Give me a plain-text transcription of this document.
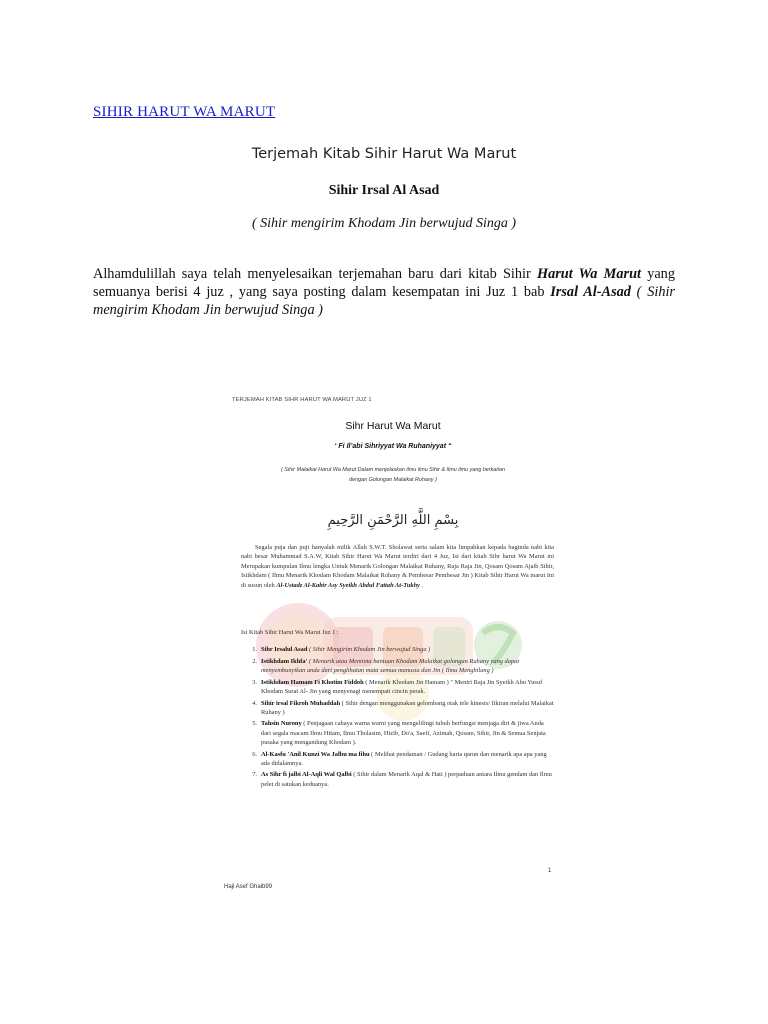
SIHIR HARUT WA MARUT
Terjemah Kitab Sihir Harut Wa Marut
Sihir Irsal Al Asad
( Sihir mengirim Khodam Jin berwujud Singa )

Alhamdulillah saya telah menyelesaikan terjemahan baru dari kitab Sihir Harut Wa Marut yang semuanya berisi 4 juz , yang saya posting dalam kesempatan ini Juz 1 bab Irsal Al-Asad ( Sihir mengirim Khodam Jin berwujud Singa )

TERJEMAH KITAB SIHR HARUT WA MARUT JUZ 1
Sihr Harut Wa Marut
‘ Fi Il’abi Sihriyyat Wa Ruhaniyyat “
( Sihir Malaikat Harut Wa Marut Dalam menjelaskan ilmu ilmu Sihir & Ilmu ilmu yang berkaitan
dengan Golongan Malaikat Ruhany )
بِسْمِ اللَّهِ الرَّحْمَنِ الرَّحِيمِ
Segala puja dan puji hanyalah milik Allah S.W.T. Sholawat serta salam kita limpahkan kepada baginda nabi kita nabi besar Muhammad S.A.W, Kitab Sihir Harut Wa Marut terdiri dari 4 Juz, Isi dari kitab Sihr harut Wa Marut ini Merupakan kumpulan Ilmu lengka Untuk Menarik Golongan Malaikat Ruhany, Raja Raja Jin, Qosam Qosam Ajaib Sihir, Istikhdam ( Ilmu Menarik Khodam Khodam Malaikat Ruhany & Pembesar Pembesar Jin ) Kitab Sihir Harut Wa marut Ini di susun oleh Al-Ustadz Al-Kabir Asy Syeikh Abdul Fattah At-Tukhy .
Isi Kitab Sihir Harut Wa Marut Juz 1 :
1. Sihr Irsalul Asad ( Sihir Mengirim Khodam Jin berwujud Singa )
2. Istikhdam Ikhfa' ( Menarik atau Meminta bantuan Khodam Malaikat golongan Ruhany yang dapat menyembunyikan anda dari penglihatan mata semua manusia dan Jin ( Ilmu Menghilang )
3. Istikhdam Hamam Fi Khotim Fiddoh ( Menarik Khodam Jin Hamam ) " Mentri Raja Jin Syeikh Abu Yusuf Khodam Surat Al- Jin yang menyenagi menempati cincin perak.
4. Sihir irsal Fikroh Muhaddah ( Sihir dengan menggunakan gelombang otak tele kinesis/ fikiran melalui Malaikat Ruhany )
5. Tahsin Nurony ( Penjagaan cahaya warna warni yang mengelilingi tubuh berfungsi menjaga diri & jiwa Anda dari segala macam Ilmu Hitam, Ilmu Tholasim, Hizib, Do'a, Saefi, Azimah, Qosam, Sihir, Jin & Semua Senjata pusaka yang mengandung Khodam ).
6. Al-Kasfu 'Anil Kunzi Wa Jalbu ma fihu ( Melihat pendaman / Gudang harta qarun dan menarik apa apa yang ada didalamnya.
7. As Sihr fi jalbi Al-Aqli Wal Qalbi ( Sihir dalam Menarik Aqal & Hati ) perpaduan antara Ilmu gendam dan Ilmu pelet di satukan keduanya.
1
Haji Asef Ghaib99
